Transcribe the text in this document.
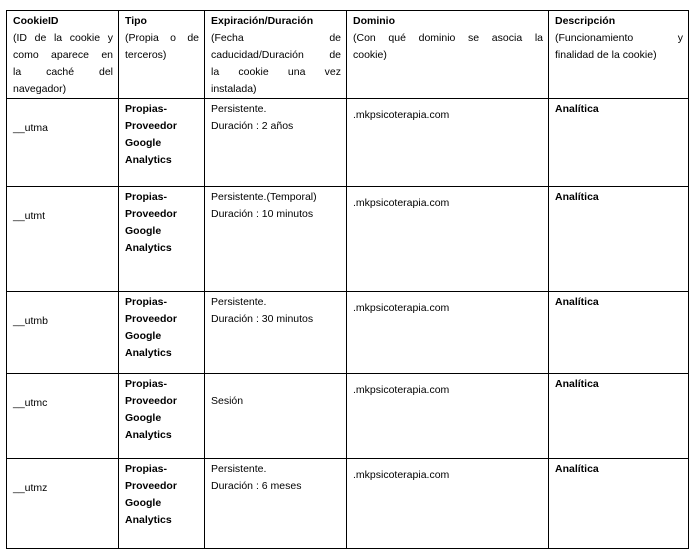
CookieID
(ID de la cookie y
como aparece en
la caché del
navegador)	Tipo
(Propia o de
terceros)	Expiración/Duración
(Fecha de
caducidad/Duración de
la cookie una vez
instalada)	Dominio
(Con qué dominio se asocia la
cookie)	Descripción
(Funcionamiento y
finalidad de la cookie)

__utma	Propias-
Proveedor
Google
Analytics	Persistente.
Duración : 2 años	.mkpsicoterapia.com	Analítica
__utmt	Propias-
Proveedor
Google
Analytics	Persistente.(Temporal)
Duración : 10 minutos	.mkpsicoterapia.com	Analítica
__utmb	Propias-
Proveedor
Google
Analytics	Persistente.
Duración : 30 minutos	.mkpsicoterapia.com	Analítica
__utmc	Propias-
Proveedor
Google
Analytics	Sesión	.mkpsicoterapia.com	Analítica
__utmz	Propias-
Proveedor
Google
Analytics	Persistente.
Duración : 6 meses	.mkpsicoterapia.com	Analítica
